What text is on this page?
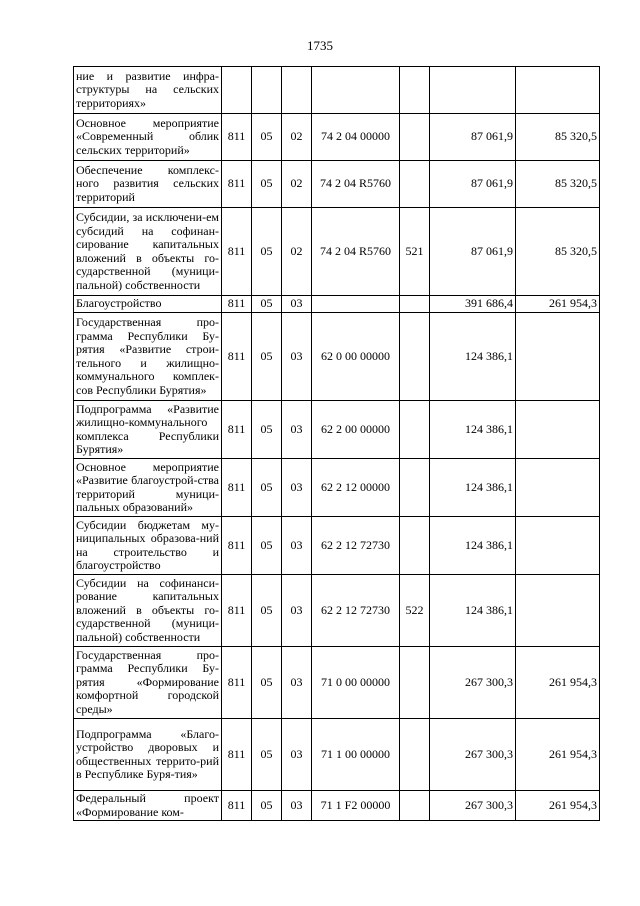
1735
ние и развитие инфра-структуры на сельских территориях»							
Основное мероприятие «Современный облик сельских территорий»	811	05	02	74 2 04 00000		87 061,9	85 320,5
Обеспечение комплекс-ного развития сельских территорий	811	05	02	74 2 04 R5760		87 061,9	85 320,5
Субсидии, за исключени-ем субсидий на софинан-сирование капитальных вложений в объекты го-сударственной (муници-пальной) собственности	811	05	02	74 2 04 R5760	521	87 061,9	85 320,5
Благоустройство	811	05	03			391 686,4	261 954,3
Государственная про-грамма Республики Бу-рятия «Развитие строи-тельного и жилищно-коммунального комплек-сов Республики Бурятия»	811	05	03	62 0 00 00000		124 386,1	
Подпрограмма «Развитие жилищно-коммунального комплекса Республики Бурятия»	811	05	03	62 2 00 00000		124 386,1	
Основное мероприятие «Развитие благоустрой-ства территорий муници-пальных образований»	811	05	03	62 2 12 00000		124 386,1	
Субсидии бюджетам му-ниципальных образова-ний на строительство и благоустройство	811	05	03	62 2 12 72730		124 386,1	
Субсидии на софинанси-рование капитальных вложений в объекты го-сударственной (муници-пальной) собственности	811	05	03	62 2 12 72730	522	124 386,1	
Государственная про-грамма Республики Бу-рятия «Формирование комфортной городской среды»	811	05	03	71 0 00 00000		267 300,3	261 954,3
Подпрограмма «Благо-устройство дворовых и общественных террито-рий в Республике Буря-тия»	811	05	03	71 1 00 00000		267 300,3	261 954,3
Федеральный проект «Формирование ком-	811	05	03	71 1 F2 00000		267 300,3	261 954,3
